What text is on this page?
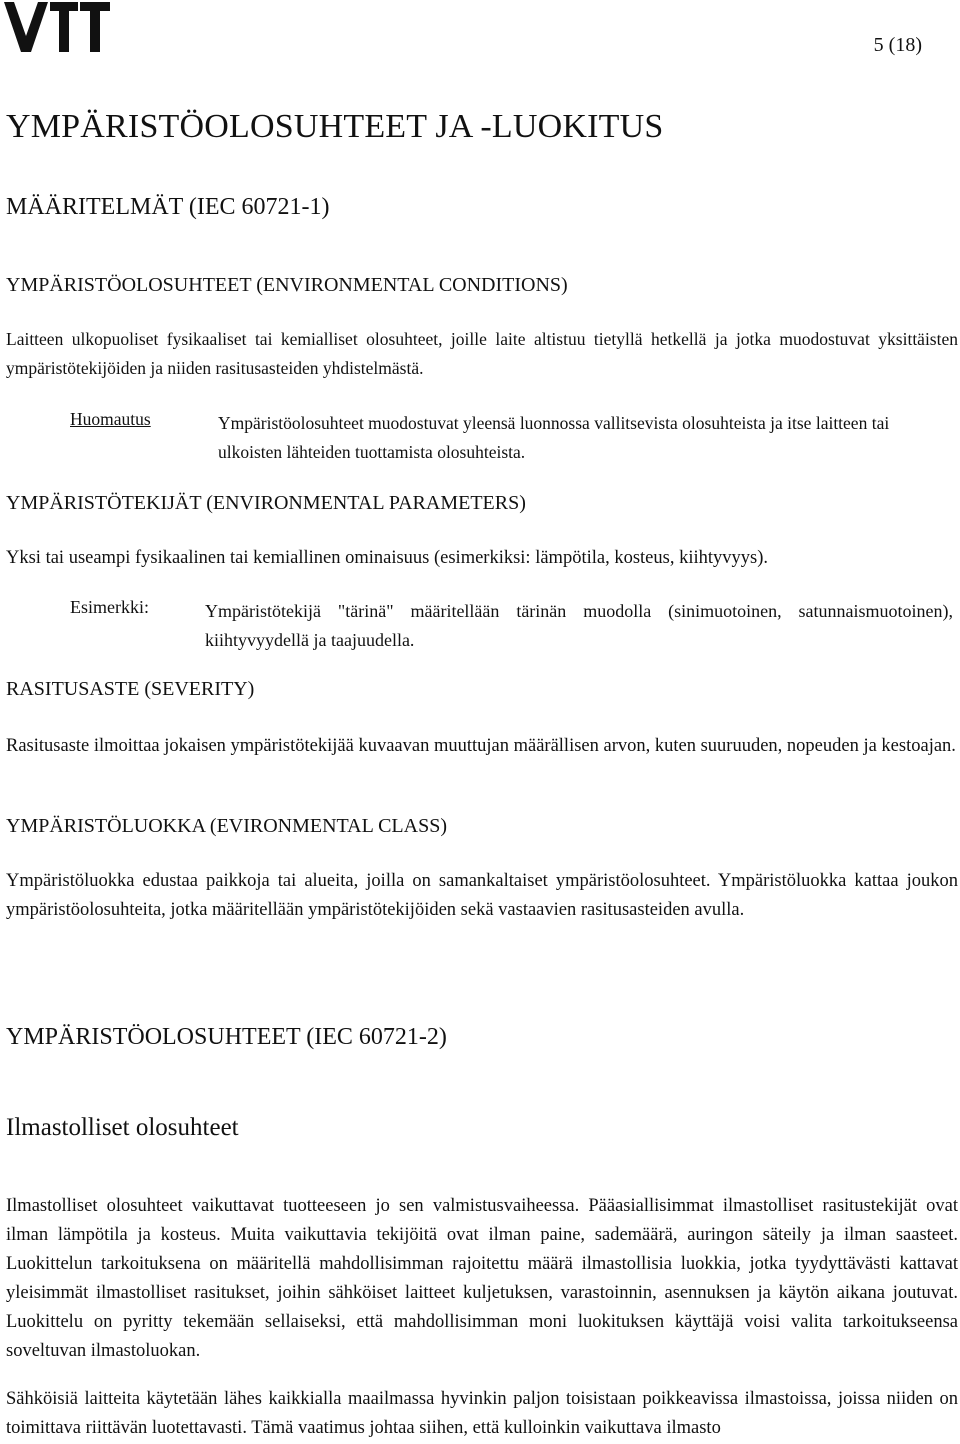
5 (18)
YMPÄRISTÖOLOSUHTEET JA -LUOKITUS
MÄÄRITELMÄT (IEC 60721-1)
YMPÄRISTÖOLOSUHTEET (ENVIRONMENTAL CONDITIONS)
Laitteen ulkopuoliset fysikaaliset tai kemialliset olosuhteet, joille laite altistuu tietyllä hetkellä ja jotka muodostuvat yksittäisten ympäristötekijöiden ja niiden rasitusasteiden yhdistelmästä.
Huomautus	Ympäristöolosuhteet muodostuvat yleensä luonnossa vallitsevista olosuhteista ja itse laitteen tai ulkoisten lähteiden tuottamista olosuhteista.
YMPÄRISTÖTEKIJÄT (ENVIRONMENTAL PARAMETERS)
Yksi tai useampi fysikaalinen tai kemiallinen ominaisuus (esimerkiksi: lämpötila, kosteus, kiihtyvyys).
Esimerkki:	Ympäristötekijä "tärinä" määritellään tärinän muodolla (sinimuotoinen, satunnaismuotoinen), kiihtyvyydellä ja taajuudella.
RASITUSASTE (SEVERITY)
Rasitusaste ilmoittaa jokaisen ympäristötekijää kuvaavan muuttujan määrällisen arvon, kuten suuruuden, nopeuden ja kestoajan.
YMPÄRISTÖLUOKKA (EVIRONMENTAL CLASS)
Ympäristöluokka edustaa paikkoja tai alueita, joilla on samankaltaiset ympäristöolosuhteet. Ympäristöluokka kattaa joukon ympäristöolosuhteita, jotka määritellään ympäristötekijöiden sekä vastaavien rasitusasteiden avulla.
YMPÄRISTÖOLOSUHTEET (IEC 60721-2)
Ilmastolliset olosuhteet
Ilmastolliset olosuhteet vaikuttavat tuotteeseen jo sen valmistusvaiheessa. Pääasiallisimmat ilmastolliset rasitustekijät ovat ilman lämpötila ja kosteus. Muita vaikuttavia tekijöitä ovat ilman paine, sademäärä, auringon säteily ja ilman saasteet. Luokittelun tarkoituksena on määritellä mahdollisimman rajoitettu määrä ilmastollisia luokkia, jotka tyydyttävästi kattavat yleisimmät ilmastolliset rasitukset, joihin sähköiset laitteet kuljetuksen, varastoinnin, asennuksen ja käytön aikana joutuvat. Luokittelu on pyritty tekemään sellaiseksi, että mahdollisimman moni luokituksen käyttäjä voisi valita tarkoitukseensa soveltuvan ilmastoluokan.
Sähköisiä laitteita käytetään lähes kaikkialla maailmassa hyvinkin paljon toisistaan poikkeavissa ilmastoissa, joissa niiden on toimittava riittävän luotettavasti. Tämä vaatimus johtaa siihen, että kulloinkin vaikuttava ilmasto
